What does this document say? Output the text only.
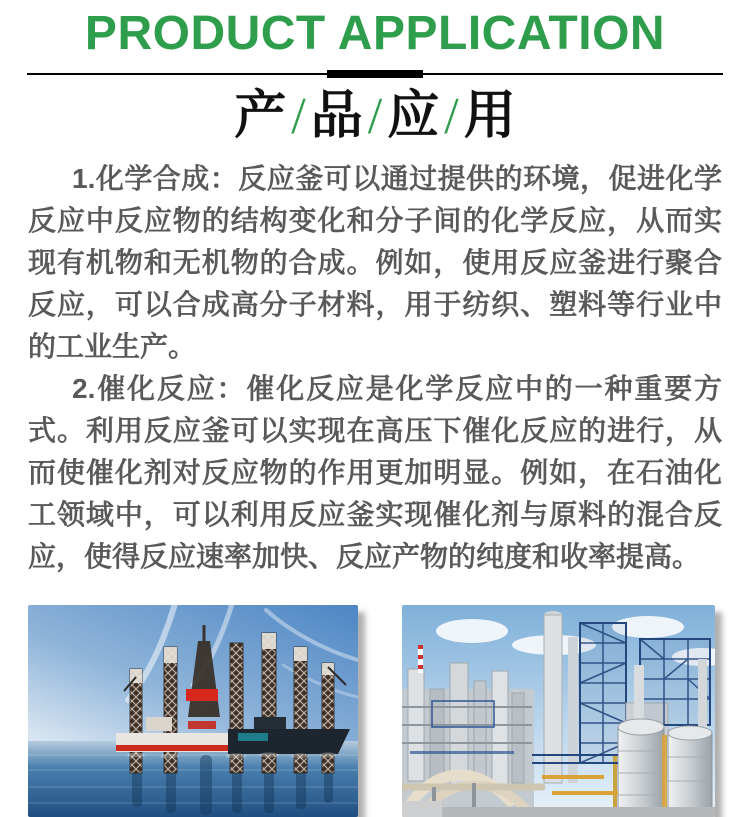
PRODUCT APPLICATION
产/品/应/用

1.化学合成：反应釜可以通过提供的环境，促进化学反应中反应物的结构变化和分子间的化学反应，从而实现有机物和无机物的合成。例如，使用反应釜进行聚合反应，可以合成高分子材料，用于纺织、塑料等行业中的工业生产。

2.催化反应：催化反应是化学反应中的一种重要方式。利用反应釜可以实现在高压下催化反应的进行，从而使催化剂对反应物的作用更加明显。例如，在石油化工领域中，可以利用反应釜实现催化剂与原料的混合反应，使得反应速率加快、反应产物的纯度和收率提高。
